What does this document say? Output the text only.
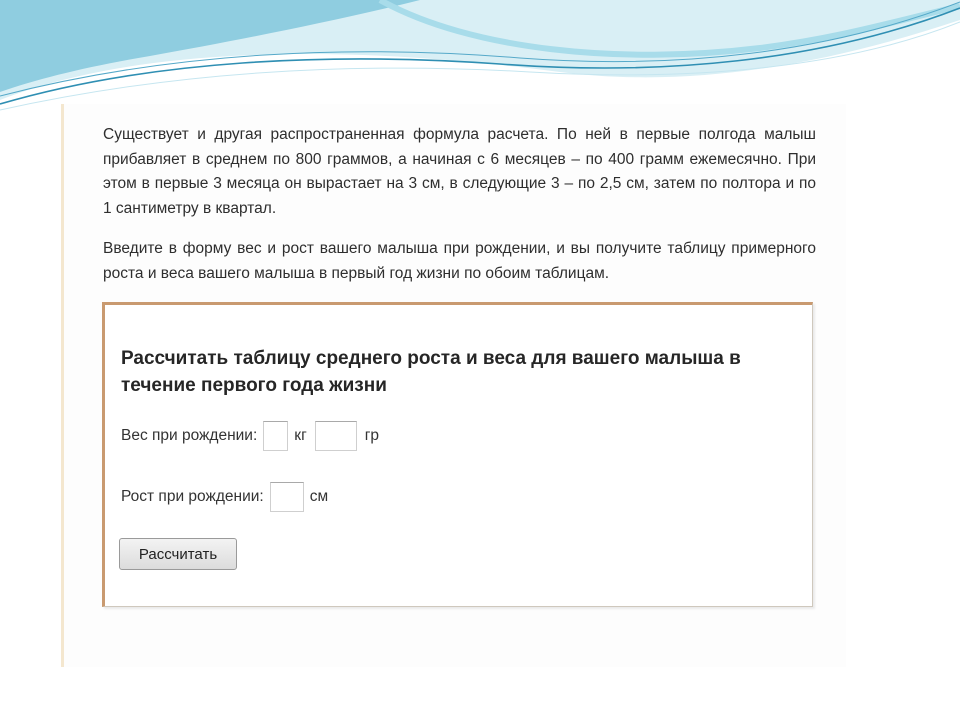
Существует и другая распространенная формула расчета. По ней в первые полгода малыш прибавляет в среднем по 800 граммов, а начиная с 6 месяцев – по 400 грамм ежемесячно. При этом в первые 3 месяца он вырастает на 3 см, в следующие 3 – по 2,5 см, затем по полтора и по 1 сантиметру в квартал.

Введите в форму вес и рост вашего малыша при рождении, и вы получите таблицу примерного роста и веса вашего малыша в первый год жизни по обоим таблицам.

Рассчитать таблицу среднего роста и веса для вашего малыша в течение первого года жизни
Вес при рождении: кг	гр
Рост при рождении:	см
Рассчитать
